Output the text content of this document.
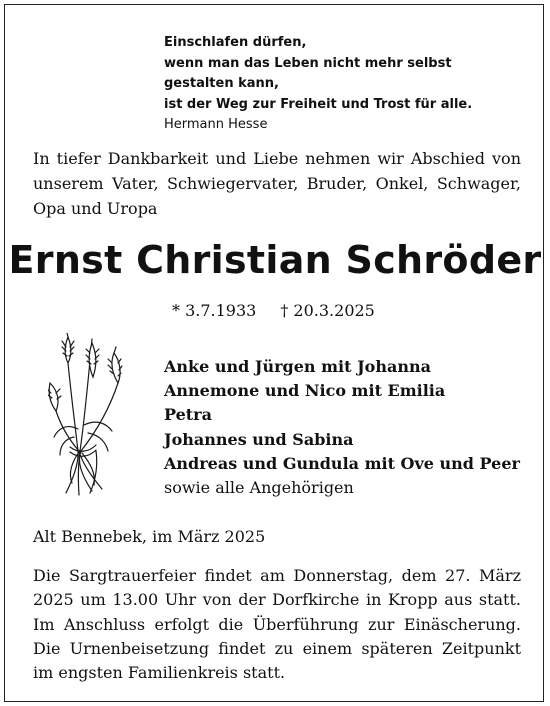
Einschlafen dürfen,
wenn man das Leben nicht mehr selbst
gestalten kann,
ist der Weg zur Freiheit und Trost für alle.
Hermann Hesse
In tiefer Dankbarkeit und Liebe nehmen wir Abschied von unserem Vater, Schwiegervater, Bruder, Onkel, Schwager, Opa und Uropa
Ernst Christian Schröder
* 3.7.1933 † 20.3.2025
Anke und Jürgen mit Johanna
Annemone und Nico mit Emilia
Petra
Johannes und Sabina
Andreas und Gundula mit Ove und Peer
sowie alle Angehörigen
Alt Bennebek, im März 2025
Die Sargtrauerfeier findet am Donnerstag, dem 27. März 2025 um 13.00 Uhr von der Dorfkirche in Kropp aus statt. Im Anschluss erfolgt die Überführung zur Einäscherung. Die Urnenbeisetzung findet zu einem späteren Zeitpunkt im engsten Familienkreis statt.
